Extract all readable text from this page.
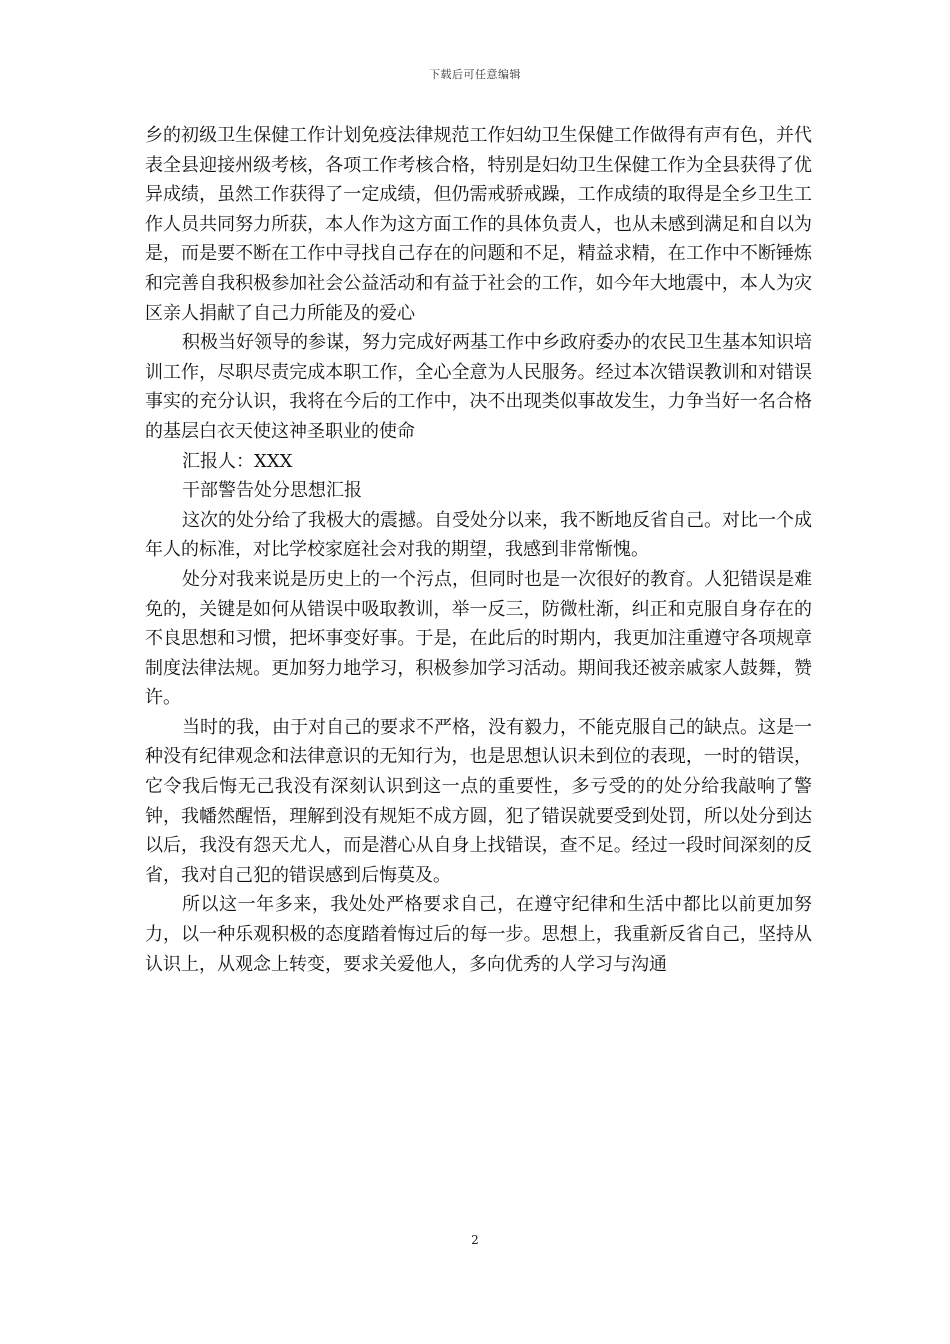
下载后可任意编辑

乡的初级卫生保健工作计划免疫法律规范工作妇幼卫生保健工作做得有声有色，并代表全县迎接州级考核，各项工作考核合格，特别是妇幼卫生保健工作为全县获得了优异成绩，虽然工作获得了一定成绩，但仍需戒骄戒躁，工作成绩的取得是全乡卫生工作人员共同努力所获，本人作为这方面工作的具体负责人，也从未感到满足和自以为是，而是要不断在工作中寻找自己存在的问题和不足，精益求精，在工作中不断锤炼和完善自我积极参加社会公益活动和有益于社会的工作，如今年大地震中，本人为灾区亲人捐献了自己力所能及的爱心

积极当好领导的参谋，努力完成好两基工作中乡政府委办的农民卫生基本知识培训工作，尽职尽责完成本职工作，全心全意为人民服务。经过本次错误教训和对错误事实的充分认识，我将在今后的工作中，决不出现类似事故发生，力争当好一名合格的基层白衣天使这神圣职业的使命

汇报人：XXX

干部警告处分思想汇报

这次的处分给了我极大的震撼。自受处分以来，我不断地反省自己。对比一个成年人的标准，对比学校家庭社会对我的期望，我感到非常惭愧。

处分对我来说是历史上的一个污点，但同时也是一次很好的教育。人犯错误是难免的，关键是如何从错误中吸取教训，举一反三，防微杜渐，纠正和克服自身存在的不良思想和习惯，把坏事变好事。于是，在此后的时期内，我更加注重遵守各项规章制度法律法规。更加努力地学习，积极参加学习活动。期间我还被亲戚家人鼓舞，赞许。

当时的我，由于对自己的要求不严格，没有毅力，不能克服自己的缺点。这是一种没有纪律观念和法律意识的无知行为，也是思想认识未到位的表现，一时的错误，它令我后悔无己我没有深刻认识到这一点的重要性，多亏受的的处分给我敲响了警钟，我幡然醒悟，理解到没有规矩不成方圆，犯了错误就要受到处罚，所以处分到达以后，我没有怨天尤人，而是潜心从自身上找错误，查不足。经过一段时间深刻的反省，我对自己犯的错误感到后悔莫及。

所以这一年多来，我处处严格要求自己，在遵守纪律和生活中都比以前更加努力，以一种乐观积极的态度踏着悔过后的每一步。思想上，我重新反省自己，坚持从认识上，从观念上转变，要求关爱他人，多向优秀的人学习与沟通

2
